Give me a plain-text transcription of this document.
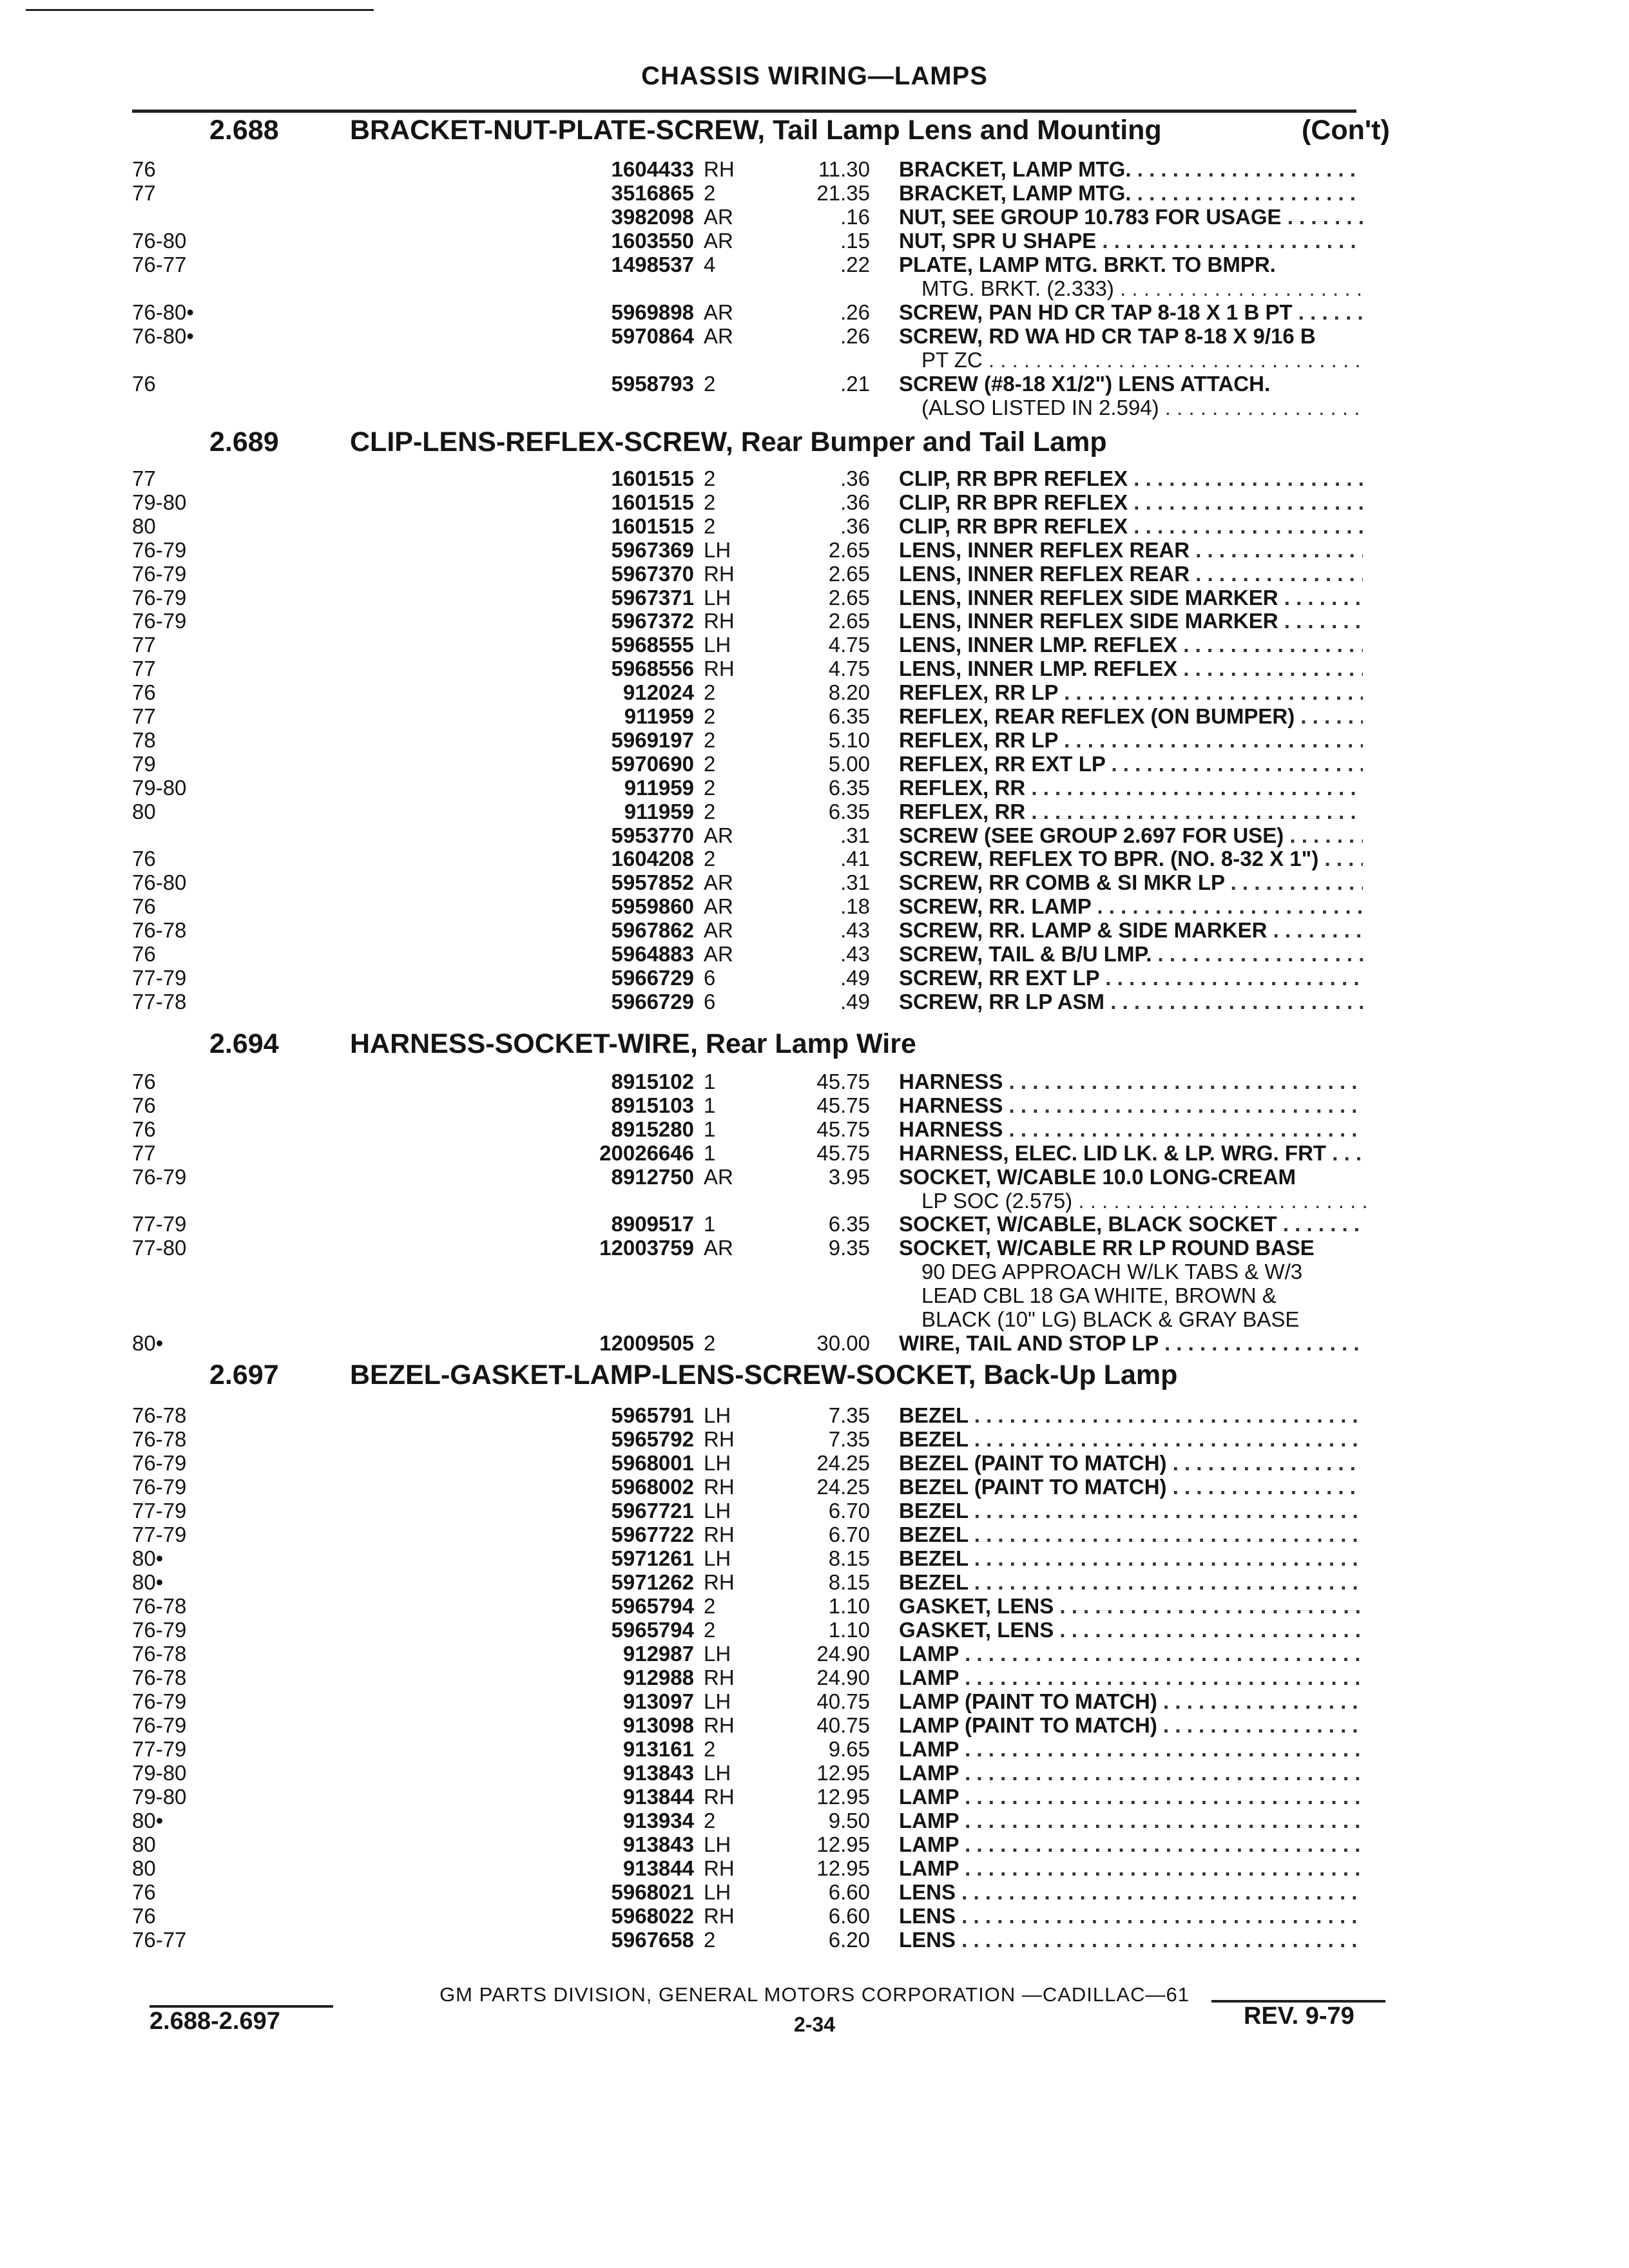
CHASSIS WIRING—LAMPS
2.688	BRACKET-NUT-PLATE-SCREW, Tail Lamp Lens and Mounting	(Con't)
76	1604433 RH	11.30 BRACKET, LAMP MTG. . . .
77	3516865 2	21.35 BRACKET, LAMP MTG. . . .
3982098 AR	.16 NUT, SEE GROUP 10.783 FOR USAGE . . .
76-80	1603550 AR	.15 NUT, SPR U SHAPE . . .
76-77	1498537 4	.22 PLATE, LAMP MTG. BRKT. TO BMPR.
MTG. BRKT. (2.333) . . .
76-80•	5969898 AR	.26 SCREW, PAN HD CR TAP 8-18 X 1 B PT . . .
76-80•	5970864 AR	.26 SCREW, RD WA HD CR TAP 8-18 X 9/16 B
PT ZC . . .
76	5958793 2	.21 SCREW (#8-18 X1/2") LENS ATTACH.
(ALSO LISTED IN 2.594) . . .
2.689	CLIP-LENS-REFLEX-SCREW, Rear Bumper and Tail Lamp
77	1601515 2	.36 CLIP, RR BPR REFLEX . . .
79-80	1601515 2	.36 CLIP, RR BPR REFLEX . . .
80	1601515 2	.36 CLIP, RR BPR REFLEX . . .
76-79	5967369 LH	2.65 LENS, INNER REFLEX REAR . . .
76-79	5967370 RH	2.65 LENS, INNER REFLEX REAR . . .
76-79	5967371 LH	2.65 LENS, INNER REFLEX SIDE MARKER . . .
76-79	5967372 RH	2.65 LENS, INNER REFLEX SIDE MARKER . . .
77	5968555 LH	4.75 LENS, INNER LMP. REFLEX . . .
77	5968556 RH	4.75 LENS, INNER LMP. REFLEX . . .
76	912024 2	8.20 REFLEX, RR LP . . .
77	911959 2	6.35 REFLEX, REAR REFLEX (ON BUMPER) . . .
78	5969197 2	5.10 REFLEX, RR LP . . .
79	5970690 2	5.00 REFLEX, RR EXT LP . . .
79-80	911959 2	6.35 REFLEX, RR . . .
80	911959 2	6.35 REFLEX, RR . . .
5953770 AR	.31 SCREW (SEE GROUP 2.697 FOR USE) . . .
76	1604208 2	.41 SCREW, REFLEX TO BPR. (NO. 8-32 X 1") . . .
76-80	5957852 AR	.31 SCREW, RR COMB & SI MKR LP . . .
76	5959860 AR	.18 SCREW, RR. LAMP . . .
76-78	5967862 AR	.43 SCREW, RR. LAMP & SIDE MARKER . . .
76	5964883 AR	.43 SCREW, TAIL & B/U LMP. . . .
77-79	5966729 6	.49 SCREW, RR EXT LP . . .
77-78	5966729 6	.49 SCREW, RR LP ASM . . .
2.694	HARNESS-SOCKET-WIRE, Rear Lamp Wire
76	8915102 1	45.75 HARNESS . . .
76	8915103 1	45.75 HARNESS . . .
76	8915280 1	45.75 HARNESS . . .
77	20026646 1	45.75 HARNESS, ELEC. LID LK. & LP. WRG. FRT . . .
76-79	8912750 AR	3.95 SOCKET, W/CABLE 10.0 LONG-CREAM
LP SOC (2.575) . . .
77-79	8909517 1	6.35 SOCKET, W/CABLE, BLACK SOCKET . . .
77-80	12003759 AR	9.35 SOCKET, W/CABLE RR LP ROUND BASE
90 DEG APPROACH W/LK TABS & W/3
LEAD CBL 18 GA WHITE, BROWN &
BLACK (10" LG) BLACK & GRAY BASE
80•	12009505 2	30.00 WIRE, TAIL AND STOP LP . . .
2.697	BEZEL-GASKET-LAMP-LENS-SCREW-SOCKET, Back-Up Lamp
76-78	5965791 LH	7.35 BEZEL . . .
76-78	5965792 RH	7.35 BEZEL . . .
76-79	5968001 LH	24.25 BEZEL (PAINT TO MATCH) . . .
76-79	5968002 RH	24.25 BEZEL (PAINT TO MATCH) . . .
77-79	5967721 LH	6.70 BEZEL . . .
77-79	5967722 RH	6.70 BEZEL . . .
80•	5971261 LH	8.15 BEZEL . . .
80•	5971262 RH	8.15 BEZEL . . .
76-78	5965794 2	1.10 GASKET, LENS . . .
76-79	5965794 2	1.10 GASKET, LENS . . .
76-78	912987 LH	24.90 LAMP . . .
76-78	912988 RH	24.90 LAMP . . .
76-79	913097 LH	40.75 LAMP (PAINT TO MATCH) . . .
76-79	913098 RH	40.75 LAMP (PAINT TO MATCH) . . .
77-79	913161 2	9.65 LAMP . . .
79-80	913843 LH	12.95 LAMP . . .
79-80	913844 RH	12.95 LAMP . . .
80•	913934 2	9.50 LAMP . . .
80	913843 LH	12.95 LAMP . . .
80	913844 RH	12.95 LAMP . . .
76	5968021 LH	6.60 LENS . . .
76	5968022 RH	6.60 LENS . . .
76-77	5967658 2	6.20 LENS . . .
GM PARTS DIVISION, GENERAL MOTORS CORPORATION —CADILLAC—61
2.688-2.697	2-34	REV. 9-79
